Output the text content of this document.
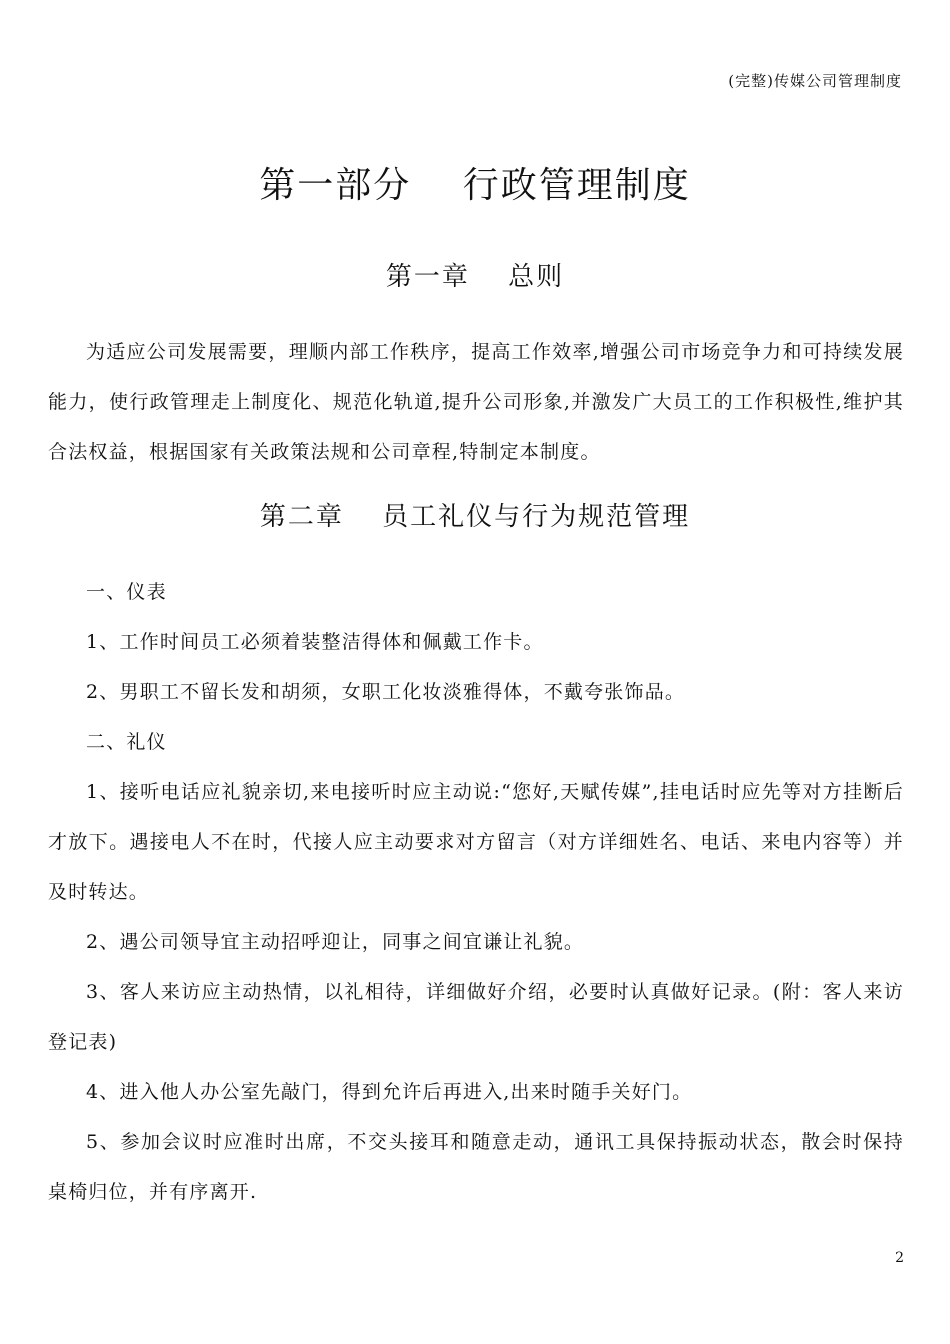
(完整)传媒公司管理制度
第一部分　 行政管理制度
第一章　 总则

为适应公司发展需要，理顺内部工作秩序，提高工作效率,增强公司市场竞争力和可持续发展能力，使行政管理走上制度化、规范化轨道,提升公司形象,并激发广大员工的工作积极性,维护其合法权益，根据国家有关政策法规和公司章程,特制定本制度。

第二章　 员工礼仪与行为规范管理

一、仪表

1、工作时间员工必须着装整洁得体和佩戴工作卡。

2、男职工不留长发和胡须，女职工化妆淡雅得体，不戴夸张饰品。

二、礼仪

1、接听电话应礼貌亲切,来电接听时应主动说:“您好,天赋传媒”,挂电话时应先等对方挂断后才放下。遇接电人不在时，代接人应主动要求对方留言（对方详细姓名、电话、来电内容等）并及时转达。

2、遇公司领导宜主动招呼迎让，同事之间宜谦让礼貌。

3、客人来访应主动热情，以礼相待，详细做好介绍，必要时认真做好记录。(附：客人来访登记表)

4、进入他人办公室先敲门，得到允许后再进入,出来时随手关好门。

5、参加会议时应准时出席，不交头接耳和随意走动，通讯工具保持振动状态，散会时保持桌椅归位，并有序离开.

2
